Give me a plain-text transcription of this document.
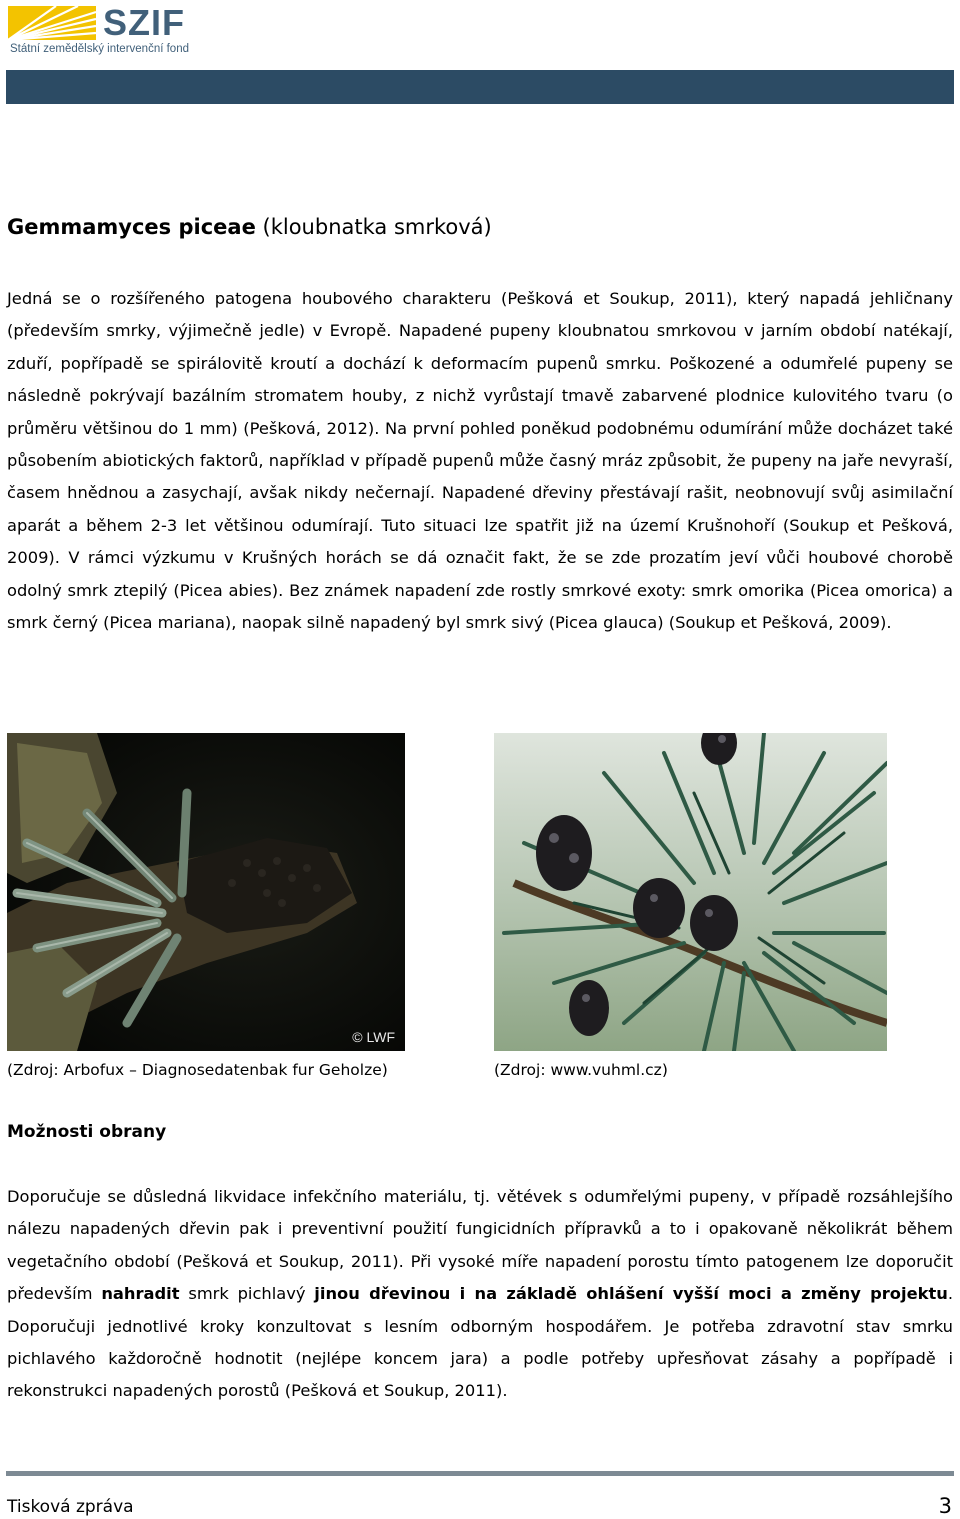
SZIF
Státní zemědělský intervenční fond
Gemmamyces piceae (kloubnatka smrková)

Jedná se o rozšířeného patogena houbového charakteru (Pešková et Soukup, 2011), který napadá jehličnany (především smrky, výjimečně jedle) v Evropě. Napadené pupeny kloubnatou smrkovou v jarním období natékají, zduří, popřípadě se spirálovitě kroutí a dochází k deformacím pupenů smrku. Poškozené a odumřelé pupeny se následně pokrývají bazálním stromatem houby, z nichž vyrůstají tmavě zabarvené plodnice kulovitého tvaru (o průměru většinou do 1 mm) (Pešková, 2012). Na první pohled poněkud podobnému odumírání může docházet také působením abiotických faktorů, například v případě pupenů může časný mráz způsobit, že pupeny na jaře nevyraší, časem hnědnou a zasychají, avšak nikdy nečernají. Napadené dřeviny přestávají rašit, neobnovují svůj asimilační aparát a během 2-3 let většinou odumírají. Tuto situaci lze spatřit již na území Krušnohoří (Soukup et Pešková, 2009). V rámci výzkumu v Krušných horách se dá označit fakt, že se zde prozatím jeví vůči houbové chorobě odolný smrk ztepilý (Picea abies). Bez známek napadení zde rostly smrkové exoty: smrk omorika (Picea omorica) a smrk černý (Picea mariana), naopak silně napadený byl smrk sivý (Picea glauca) (Soukup et Pešková, 2009).

© LWF
(Zdroj: Arbofux – Diagnosedatenbak fur Geholze)	(Zdroj: www.vuhml.cz)
Možnosti obrany

Doporučuje se důsledná likvidace infekčního materiálu, tj. větévek s odumřelými pupeny, v případě rozsáhlejšího nálezu napadených dřevin pak i preventivní použití fungicidních přípravků a to i opakovaně několikrát během vegetačního období (Pešková et Soukup, 2011). Při vysoké míře napadení porostu tímto patogenem lze doporučit především nahradit smrk pichlavý jinou dřevinou i na základě ohlášení vyšší moci a změny projektu. Doporučuji jednotlivé kroky konzultovat s lesním odborným hospodářem. Je potřeba zdravotní stav smrku pichlavého každoročně hodnotit (nejlépe koncem jara) a podle potřeby upřesňovat zásahy a popřípadě i rekonstrukci napadených porostů (Pešková et Soukup, 2011).

Tisková zpráva	3
